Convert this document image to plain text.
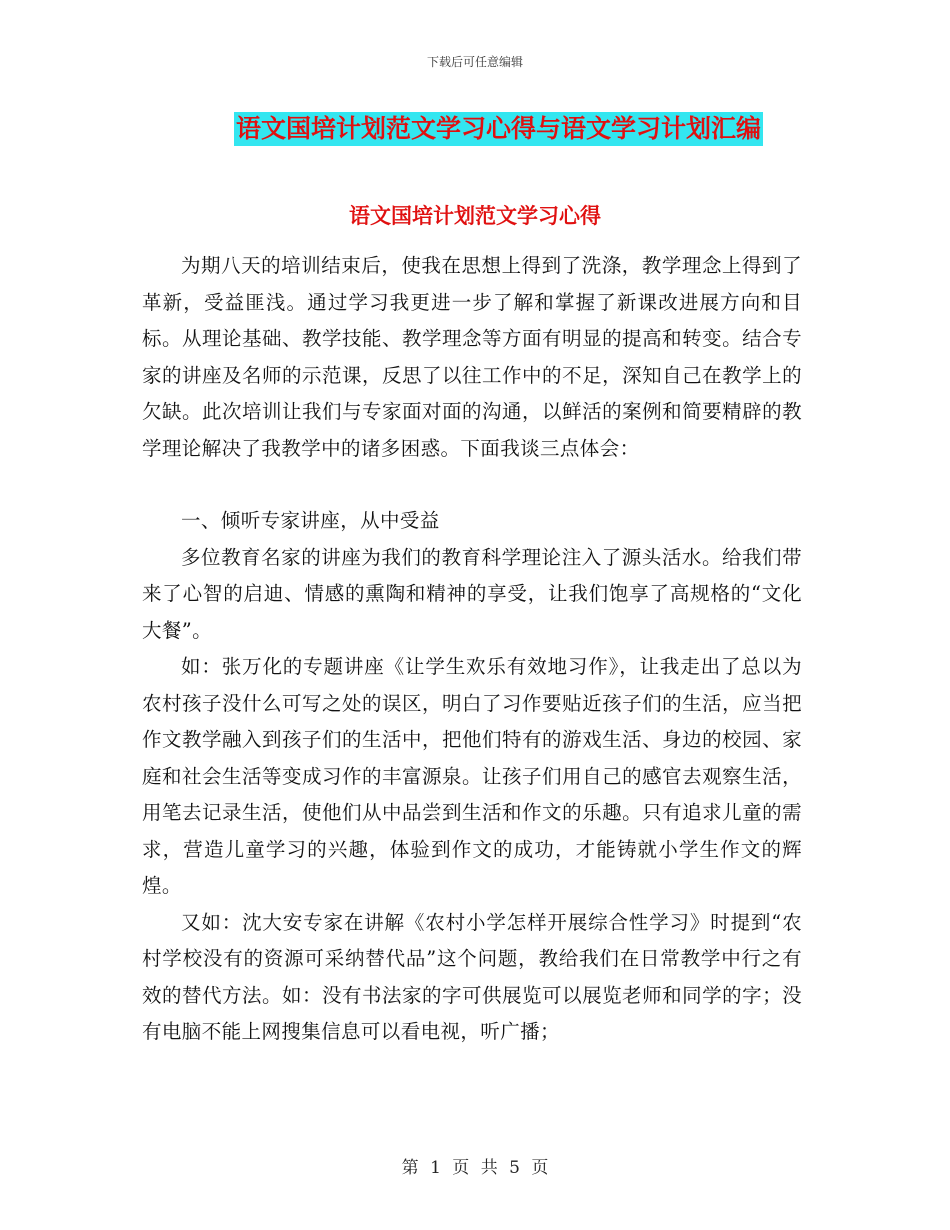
下载后可任意编辑
语文国培计划范文学习心得与语文学习计划汇编
语文国培计划范文学习心得

为期八天的培训结束后，使我在思想上得到了洗涤，教学理念上得到了革新，受益匪浅。通过学习我更进一步了解和掌握了新课改进展方向和目标。从理论基础、教学技能、教学理念等方面有明显的提高和转变。结合专家的讲座及名师的示范课，反思了以往工作中的不足，深知自己在教学上的欠缺。此次培训让我们与专家面对面的沟通，以鲜活的案例和简要精辟的教学理论解决了我教学中的诸多困惑。下面我谈三点体会：

一、倾听专家讲座，从中受益

多位教育名家的讲座为我们的教育科学理论注入了源头活水。给我们带来了心智的启迪、情感的熏陶和精神的享受，让我们饱享了高规格的“文化大餐”。

如：张万化的专题讲座《让学生欢乐有效地习作》，让我走出了总以为农村孩子没什么可写之处的误区，明白了习作要贴近孩子们的生活，应当把作文教学融入到孩子们的生活中，把他们特有的游戏生活、身边的校园、家庭和社会生活等变成习作的丰富源泉。让孩子们用自己的感官去观察生活，用笔去记录生活，使他们从中品尝到生活和作文的乐趣。只有追求儿童的需求，营造儿童学习的兴趣，体验到作文的成功，才能铸就小学生作文的辉煌。

又如：沈大安专家在讲解《农村小学怎样开展综合性学习》时提到“农村学校没有的资源可采纳替代品”这个问题，教给我们在日常教学中行之有效的替代方法。如：没有书法家的字可供展览可以展览老师和同学的字；没有电脑不能上网搜集信息可以看电视，听广播；

第 1 页 共 5 页
